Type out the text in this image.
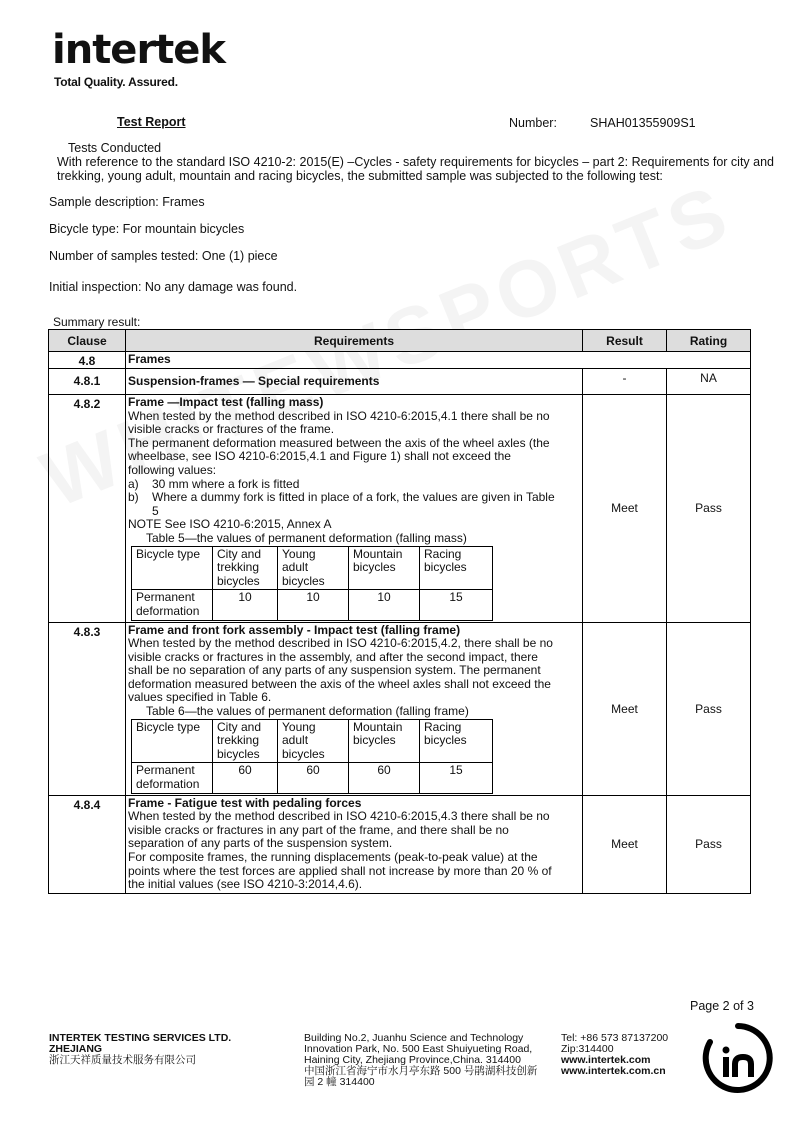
intertek
Total Quality. Assured.
Test Report	Number:	SHAH01355909S1
Tests Conducted
With reference to the standard ISO 4210-2: 2015(E) –Cycles - safety requirements for bicycles – part 2: Requirements for city and
trekking, young adult, mountain and racing bicycles, the submitted sample was subjected to the following test:
Sample description: Frames
Bicycle type: For mountain bicycles
Number of samples tested: One (1) piece
Initial inspection: No any damage was found.
Summary result:
Clause	Requirements	Result	Rating
4.8	Frames
4.8.1	Suspension-frames — Special requirements	-	NA
4.8.2	Frame —Impact test (falling mass)
When tested by the method described in ISO 4210-6:2015,4.1 there shall be no
visible cracks or fractures of the frame.
The permanent deformation measured between the axis of the wheel axles (the
wheelbase, see ISO 4210-6:2015,4.1 and Figure 1) shall not exceed the
following values:
a) 30 mm where a fork is fitted
b) Where a dummy fork is fitted in place of a fork, the values are given in Table
5
NOTE See ISO 4210-6:2015, Annex A
Table 5—the values of permanent deformation (falling mass)
Bicycle type	City and trekking bicycles	Young adult bicycles	Mountain bicycles	Racing bicycles
Permanent deformation	10	10	10	15
	Meet	Pass
4.8.3	Frame and front fork assembly - Impact test (falling frame)
When tested by the method described in ISO 4210-6:2015,4.2, there shall be no
visible cracks or fractures in the assembly, and after the second impact, there
shall be no separation of any parts of any suspension system. The permanent
deformation measured between the axis of the wheel axles shall not exceed the
values specified in Table 6.
Table 6—the values of permanent deformation (falling frame)
Bicycle type	City and trekking bicycles	Young adult bicycles	Mountain bicycles	Racing bicycles
Permanent deformation	60	60	60	15
	Meet	Pass
4.8.4	Frame - Fatigue test with pedaling forces
When tested by the method described in ISO 4210-6:2015,4.3 there shall be no
visible cracks or fractures in any part of the frame, and there shall be no
separation of any parts of the suspension system.
For composite frames, the running displacements (peak-to-peak value) at the
points where the test forces are applied shall not increase by more than 20 % of
the initial values (see ISO 4210-3:2014,4.6).
	Meet	Pass
Page 2 of 3
INTERTEK TESTING SERVICES LTD.
ZHEJIANG
浙江天祥质量技术服务有限公司
Building No.2, Juanhu Science and Technology
Innovation Park, No. 500 East Shuiyueting Road,
Haining City, Zhejiang Province,China. 314400
中国浙江省海宁市水月亭东路 500 号鹃湖科技创新
园 2 幢 314400
Tel: +86 573 87137200
Zip:314400
www.intertek.com
www.intertek.com.cn
